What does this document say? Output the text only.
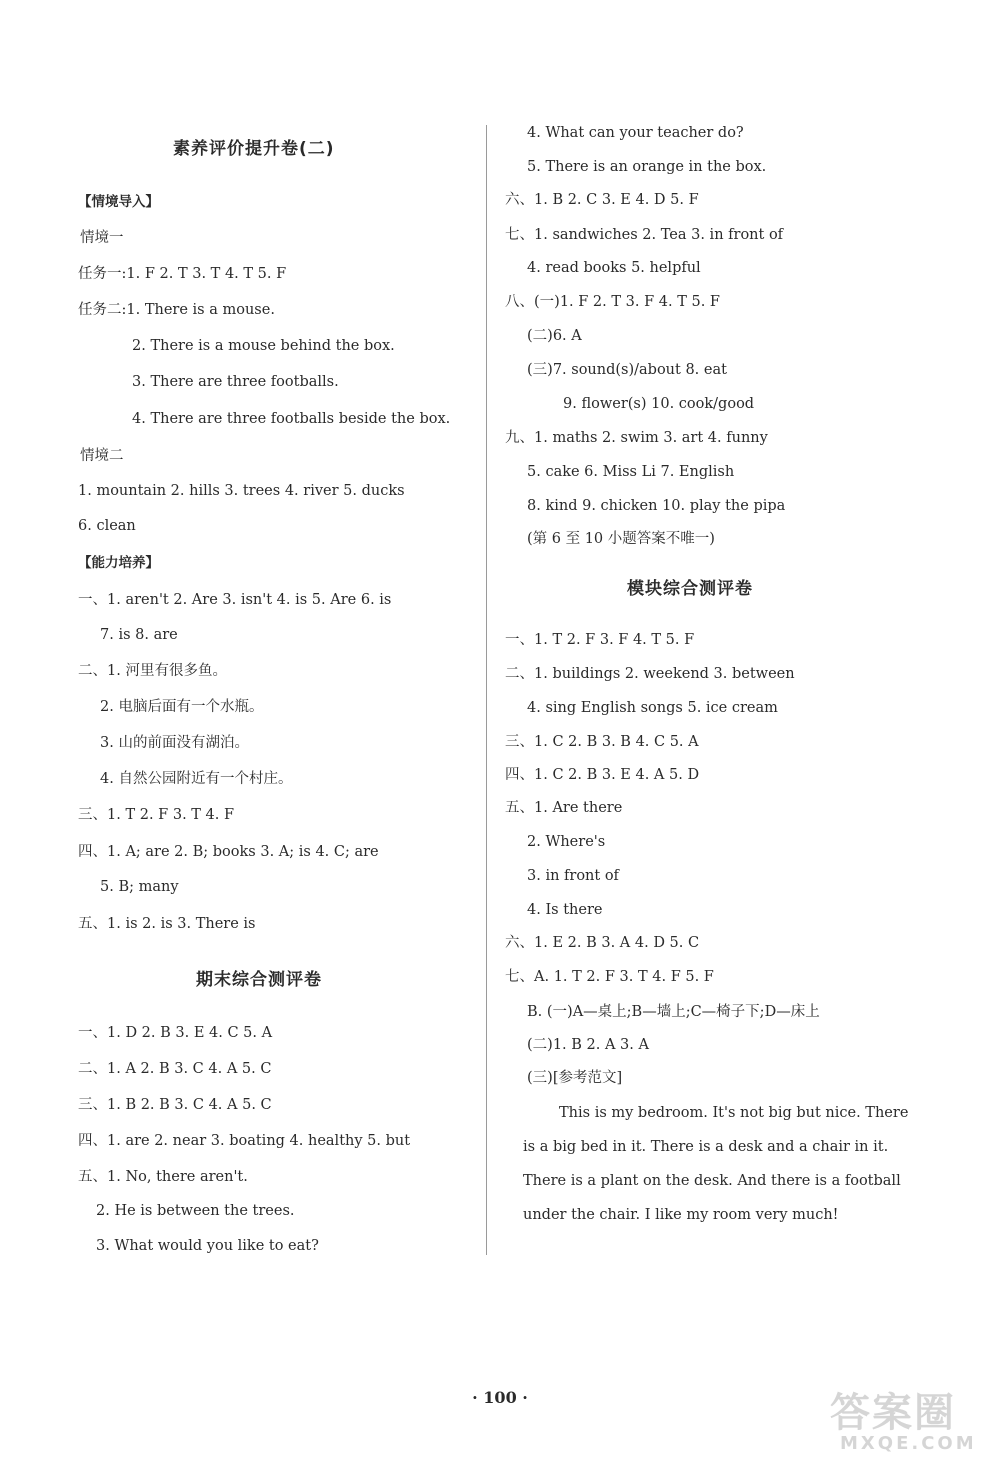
素养评价提升卷(二)
【情境导入】
情境一
任务一:1. F 2. T 3. T 4. T 5. F
任务二:1. There is a mouse.
2. There is a mouse behind the box.
3. There are three footballs.
4. There are three footballs beside the box.
情境二
1. mountain 2. hills 3. trees 4. river 5. ducks
6. clean
【能力培养】
一、1. aren't 2. Are 3. isn't 4. is 5. Are 6. is
7. is 8. are
二、1. 河里有很多鱼。
2. 电脑后面有一个水瓶。
3. 山的前面没有湖泊。
4. 自然公园附近有一个村庄。
三、1. T 2. F 3. T 4. F
四、1. A; are 2. B; books 3. A; is 4. C; are
5. B; many
五、1. is 2. is 3. There is
期末综合测评卷
一、1. D 2. B 3. E 4. C 5. A
二、1. A 2. B 3. C 4. A 5. C
三、1. B 2. B 3. C 4. A 5. C
四、1. are 2. near 3. boating 4. healthy 5. but
五、1. No, there aren't.
2. He is between the trees.
3. What would you like to eat?
4. What can your teacher do?
5. There is an orange in the box.
六、1. B 2. C 3. E 4. D 5. F
七、1. sandwiches 2. Tea 3. in front of
4. read books 5. helpful
八、(一)1. F 2. T 3. F 4. T 5. F
(二)6. A
(三)7. sound(s)/about 8. eat
9. flower(s) 10. cook/good
九、1. maths 2. swim 3. art 4. funny
5. cake 6. Miss Li 7. English
8. kind 9. chicken 10. play the pipa
(第 6 至 10 小题答案不唯一)
模块综合测评卷
一、1. T 2. F 3. F 4. T 5. F
二、1. buildings 2. weekend 3. between
4. sing English songs 5. ice cream
三、1. C 2. B 3. B 4. C 5. A
四、1. C 2. B 3. E 4. A 5. D
五、1. Are there
2. Where's
3. in front of
4. Is there
六、1. E 2. B 3. A 4. D 5. C
七、A. 1. T 2. F 3. T 4. F 5. F
B. (一)A—桌上;B—墙上;C—椅子下;D—床上
(二)1. B 2. A 3. A
(三)[参考范文]
This is my bedroom. It's not big but nice. There
is a big bed in it. There is a desk and a chair in it.
There is a plant on the desk. And there is a football
under the chair. I like my room very much!
· 100 ·	答案圈
MXQE.COM
